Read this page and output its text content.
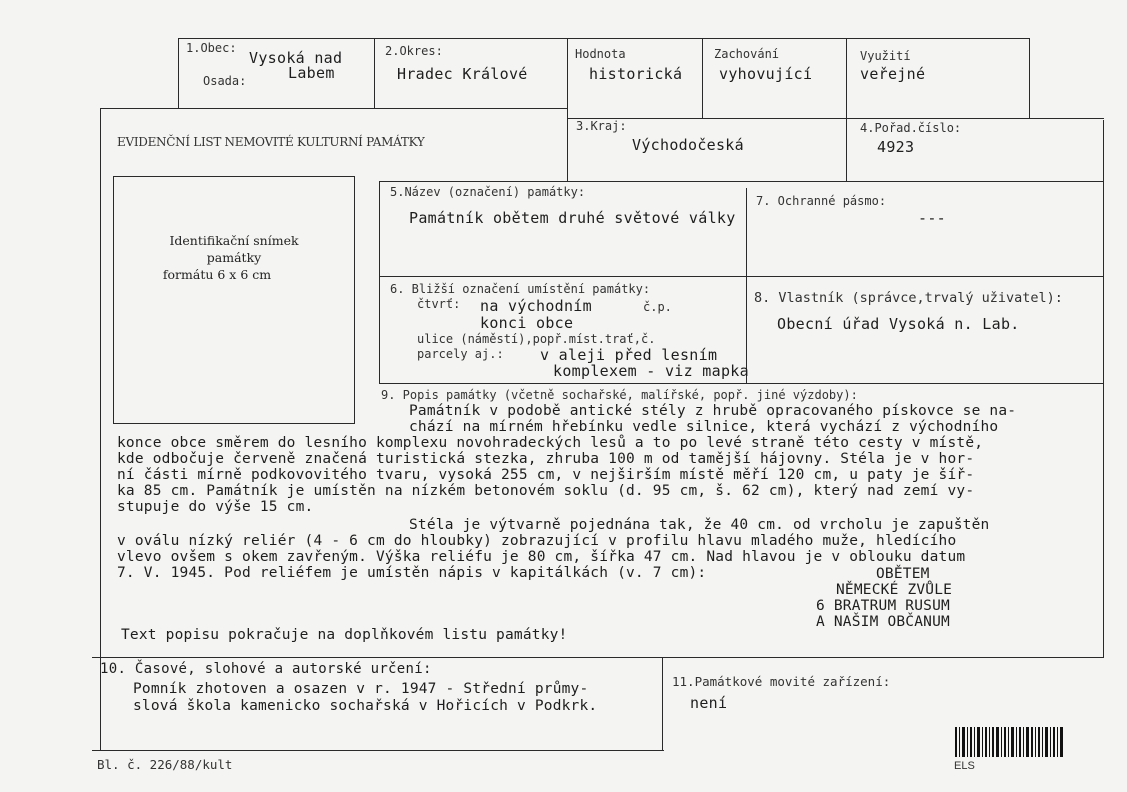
1.Obec:
Vysoká nad
Labem
Osada:
2.Okres:
Hradec Králové
Hodnota
historická
Zachování
vyhovující
Využití
veřejné
EVIDENČNÍ LIST NEMOVITÉ KULTURNÍ PAMÁTKY
3.Kraj:
Východočeská
4.Pořad.číslo:
4923
Identifikační snímek
památky
formátu 6 x 6 cm
5.Název (označení) památky:
Památník obětem druhé světové války
7. Ochranné pásmo:
---
6. Bližší označení umístění památky:
čtvrť: na východním	č.p.
konci obce
ulice (náměstí),popř.míst.trať,č.
parcely aj.: v aleji před lesním
komplexem - viz mapka
8. Vlastník (správce,trvalý uživatel):
Obecní úřad Vysoká n. Lab.
9. Popis památky (včetně sochařské, malířské, popř. jiné výzdoby):
Památník v podobě antické stély z hrubě opracovaného pískovce se na-
chází na mírném hřebínku vedle silnice, která vychází z východního
konce obce směrem do lesního komplexu novohradeckých lesů a to po levé straně této cesty v místě,
kde odbočuje červeně značená turistická stezka, zhruba 100 m od tamější hájovny. Stéla je v hor-
ní části mírně podkovovitého tvaru, vysoká 255 cm, v nejširším místě měří 120 cm, u paty je šíř-
ka 85 cm. Památník je umístěn na nízkém betonovém soklu (d. 95 cm, š. 62 cm), který nad zemí vy-
stupuje do výše 15 cm.
Stéla je výtvarně pojednána tak, že 40 cm. od vrcholu je zapuštěn
v oválu nízký reliér (4 - 6 cm do hloubky) zobrazující v profilu hlavu mladého muže, hledícího
vlevo ovšem s okem zavřeným. Výška reliéfu je 80 cm, šířka 47 cm. Nad hlavou je v oblouku datum
7. V. 1945. Pod reliéfem je umístěn nápis v kapitálkách (v. 7 cm):	OBĚTEM
NĚMECKÉ ZVŮLE
6 BRATRUM RUSUM
A NAŠIM OBČANUM
Text popisu pokračuje na doplňkovém listu památky!
10. Časové, slohové a autorské určení:
Pomník zhotoven a osazen v r. 1947 - Střední průmy-
slová škola kamenicko sochařská v Hořicích v Podkrk.
11.Památkové movité zařízení:
není
Bl. č. 226/88/kult	ELS
